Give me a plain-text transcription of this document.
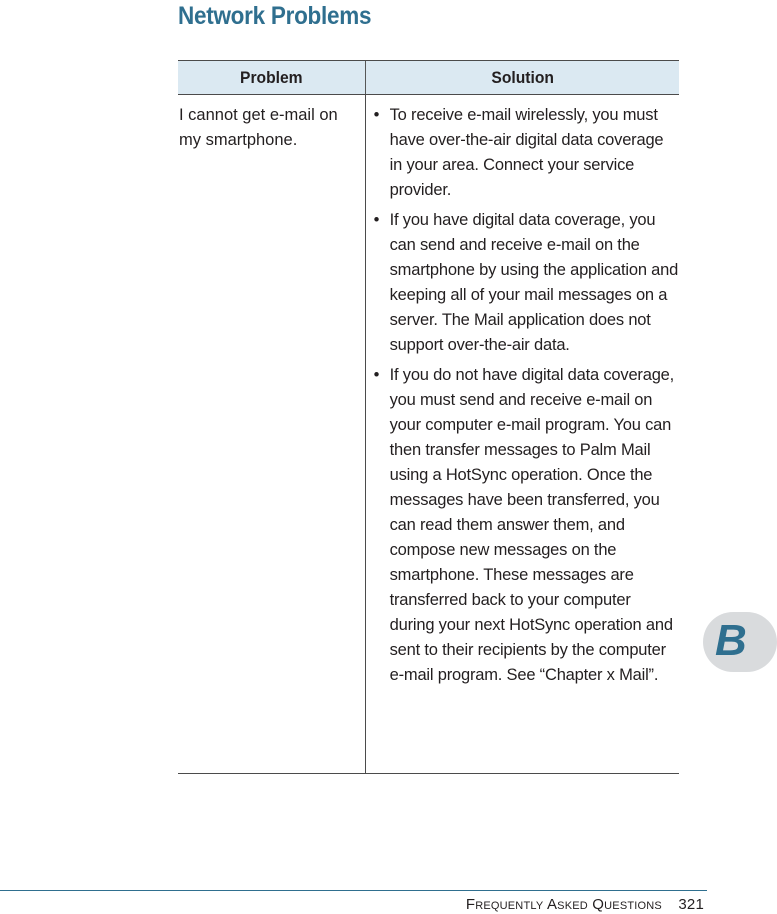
Network Problems
Problem	Solution
I cannot get e-mail on my smartphone.
• To receive e-mail wirelessly, you must have over-the-air digital data coverage in your area. Connect your service provider.
• If you have digital data coverage, you can send and receive e-mail on the smartphone by using the application and keeping all of your mail messages on a server. The Mail application does not support over-the-air data.
• If you do not have digital data coverage, you must send and receive e-mail on your computer e-mail program. You can then transfer messages to Palm Mail using a HotSync operation. Once the messages have been transferred, you can read them answer them, and compose new messages on the smartphone. These messages are transferred back to your computer during your next HotSync operation and sent to their recipients by the computer e-mail program. See “Chapter x Mail”.
B
Frequently Asked Questions 321
